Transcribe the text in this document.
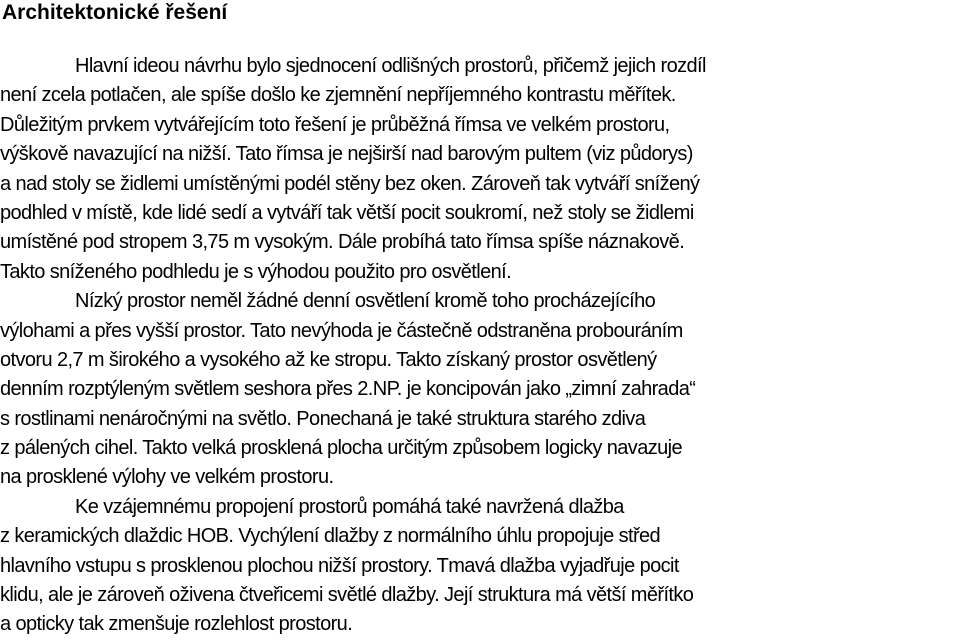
Architektonické řešení
Hlavní ideou návrhu bylo sjednocení odlišných prostorů, přičemž jejich rozdíl
není zcela potlačen, ale spíše došlo ke zjemnění nepříjemného kontrastu měřítek.
Důležitým prvkem vytvářejícím toto řešení je průběžná římsa ve velkém prostoru,
výškově navazující na nižší. Tato římsa je nejširší nad barovým pultem (viz půdorys)
a nad stoly se židlemi umístěnými podél stěny bez oken. Zároveň tak vytváří snížený
podhled v místě, kde lidé sedí a vytváří tak větší pocit soukromí, než stoly se židlemi
umístěné pod stropem 3,75 m vysokým. Dále probíhá tato římsa spíše náznakově.
Takto sníženého podhledu je s výhodou použito pro osvětlení.
Nízký prostor neměl žádné denní osvětlení kromě toho procházejícího
výlohami a přes vyšší prostor. Tato nevýhoda je částečně odstraněna probouráním
otvoru 2,7 m širokého a vysokého až ke stropu. Takto získaný prostor osvětlený
denním rozptýleným světlem seshora přes 2.NP. je koncipován jako „zimní zahrada“
s rostlinami nenáročnými na světlo. Ponechaná je také struktura starého zdiva
z pálených cihel. Takto velká prosklená plocha určitým způsobem logicky navazuje
na prosklené výlohy ve velkém prostoru.
Ke vzájemnému propojení prostorů pomáhá také navržená dlažba
z keramických dlaždic HOB. Vychýlení dlažby z normálního úhlu propojuje střed
hlavního vstupu s prosklenou plochou nižší prostory. Tmavá dlažba vyjadřuje pocit
klidu, ale je zároveň oživena čtveřicemi světlé dlažby. Její struktura má větší měřítko
a opticky tak zmenšuje rozlehlost prostoru.
